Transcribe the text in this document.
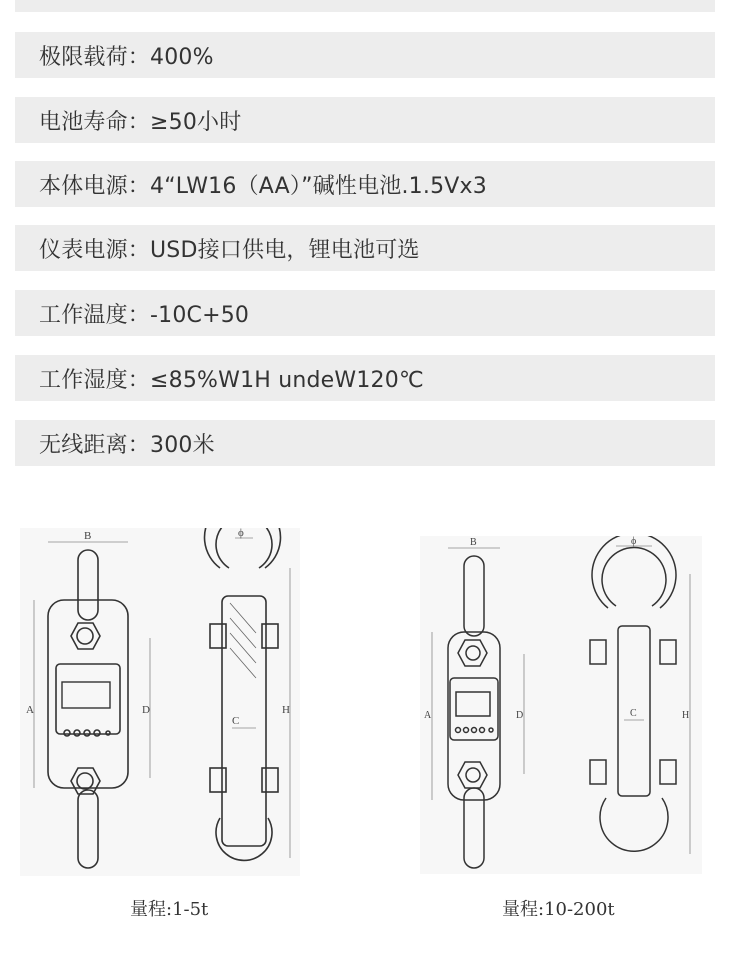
极限载荷：400%
电池寿命：≥50小时
本体电源：4“LW16（AA）”碱性电池.1.5Vx3
仪表电源：USD接口供电，锂电池可选
工作温度：-10C+50
工作湿度：≤85%W1H undeW120℃
无线距离：300米
B
A	D
ϕ
C
H
量程:1-5t
B
A	D
ϕ
C	H
量程:10-200t
